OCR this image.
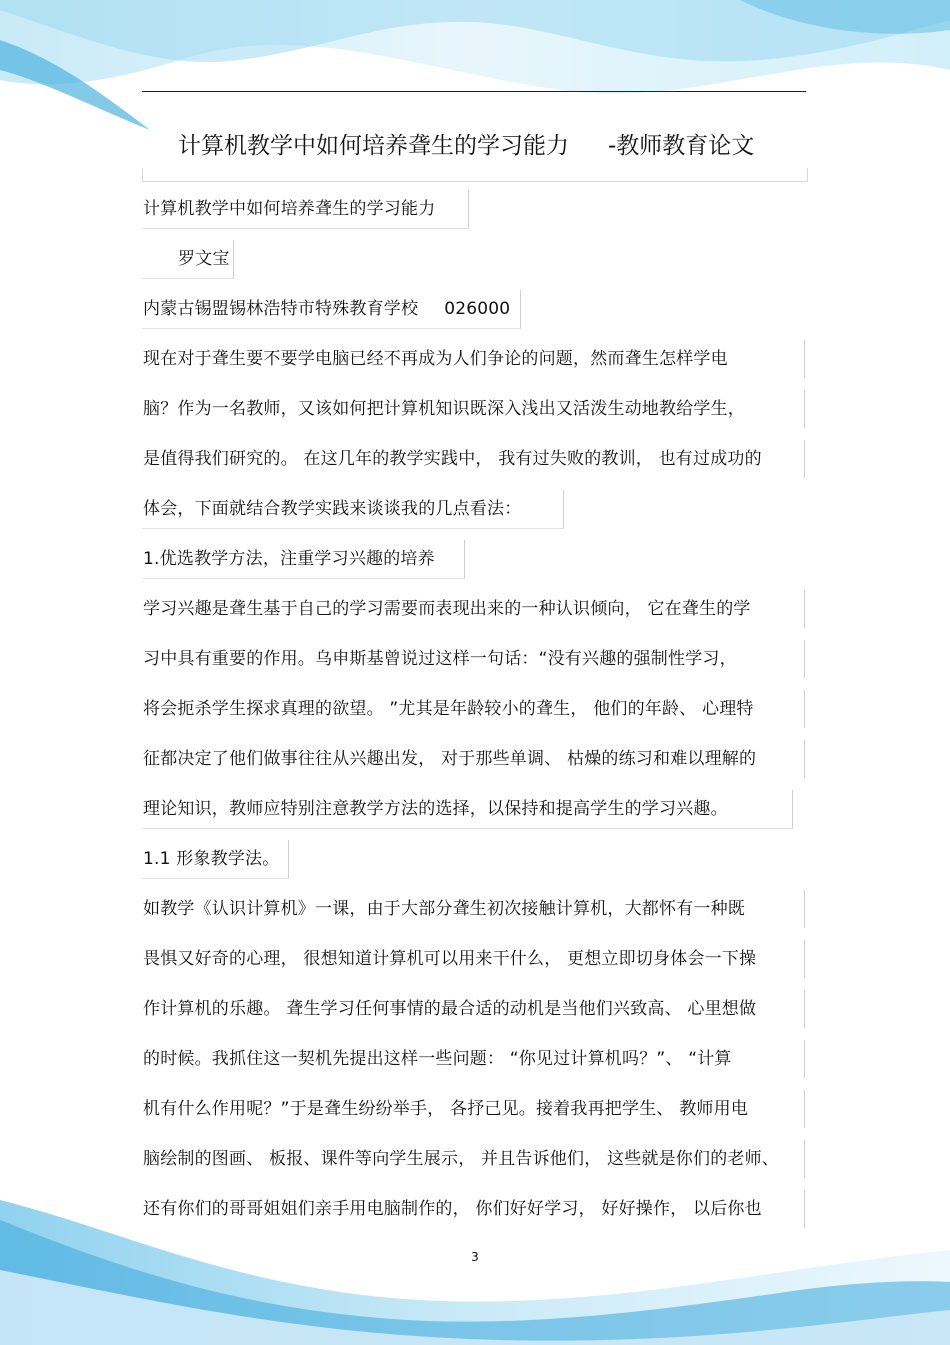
计算机教学中如何培养聋生的学习能力 -教师教育论文
计算机教学中如何培养聋生的学习能力
罗文宝
内蒙古锡盟锡林浩特市特殊教育学校 026000
现在对于聋生要不要学电脑已经不再成为人们争论的问题，然而聋生怎样学电
脑？作为一名教师，又该如何把计算机知识既深入浅出又活泼生动地教给学生，
是值得我们研究的。 在这几年的教学实践中， 我有过失败的教训， 也有过成功的
体会，下面就结合教学实践来谈谈我的几点看法：
1.优选教学方法，注重学习兴趣的培养
学习兴趣是聋生基于自己的学习需要而表现出来的一种认识倾向， 它在聋生的学
习中具有重要的作用。乌申斯基曾说过这样一句话：“没有兴趣的强制性学习，
将会扼杀学生探求真理的欲望。 ”尤其是年龄较小的聋生， 他们的年龄、 心理特
征都决定了他们做事往往从兴趣出发， 对于那些单调、 枯燥的练习和难以理解的
理论知识，教师应特别注意教学方法的选择，以保持和提高学生的学习兴趣。
1.1 形象教学法。
如教学《认识计算机》一课，由于大部分聋生初次接触计算机，大都怀有一种既
畏惧又好奇的心理， 很想知道计算机可以用来干什么， 更想立即切身体会一下操
作计算机的乐趣。 聋生学习任何事情的最合适的动机是当他们兴致高、 心里想做
的时候。我抓住这一契机先提出这样一些问题： “你见过计算机吗？”、 “计算
机有什么作用呢？”于是聋生纷纷举手， 各抒己见。接着我再把学生、 教师用电
脑绘制的图画、 板报、课件等向学生展示， 并且告诉他们， 这些就是你们的老师、
还有你们的哥哥姐姐们亲手用电脑制作的， 你们好好学习， 好好操作， 以后你也
3
